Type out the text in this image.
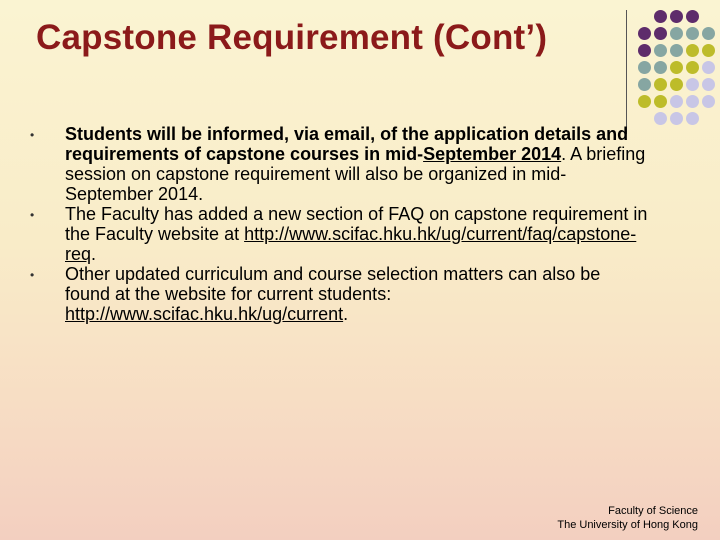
Capstone Requirement (Cont’)
• Students will be informed, via email, of the application details and requirements of capstone courses in mid-September 2014. A briefing session on capstone requirement will also be organized in mid-September 2014.
• The Faculty has added a new section of FAQ on capstone requirement in the Faculty website at http://www.scifac.hku.hk/ug/current/faq/capstone-req.
• Other updated curriculum and course selection matters can also be found at the website for current students: http://www.scifac.hku.hk/ug/current.
Faculty of Science
The University of Hong Kong
